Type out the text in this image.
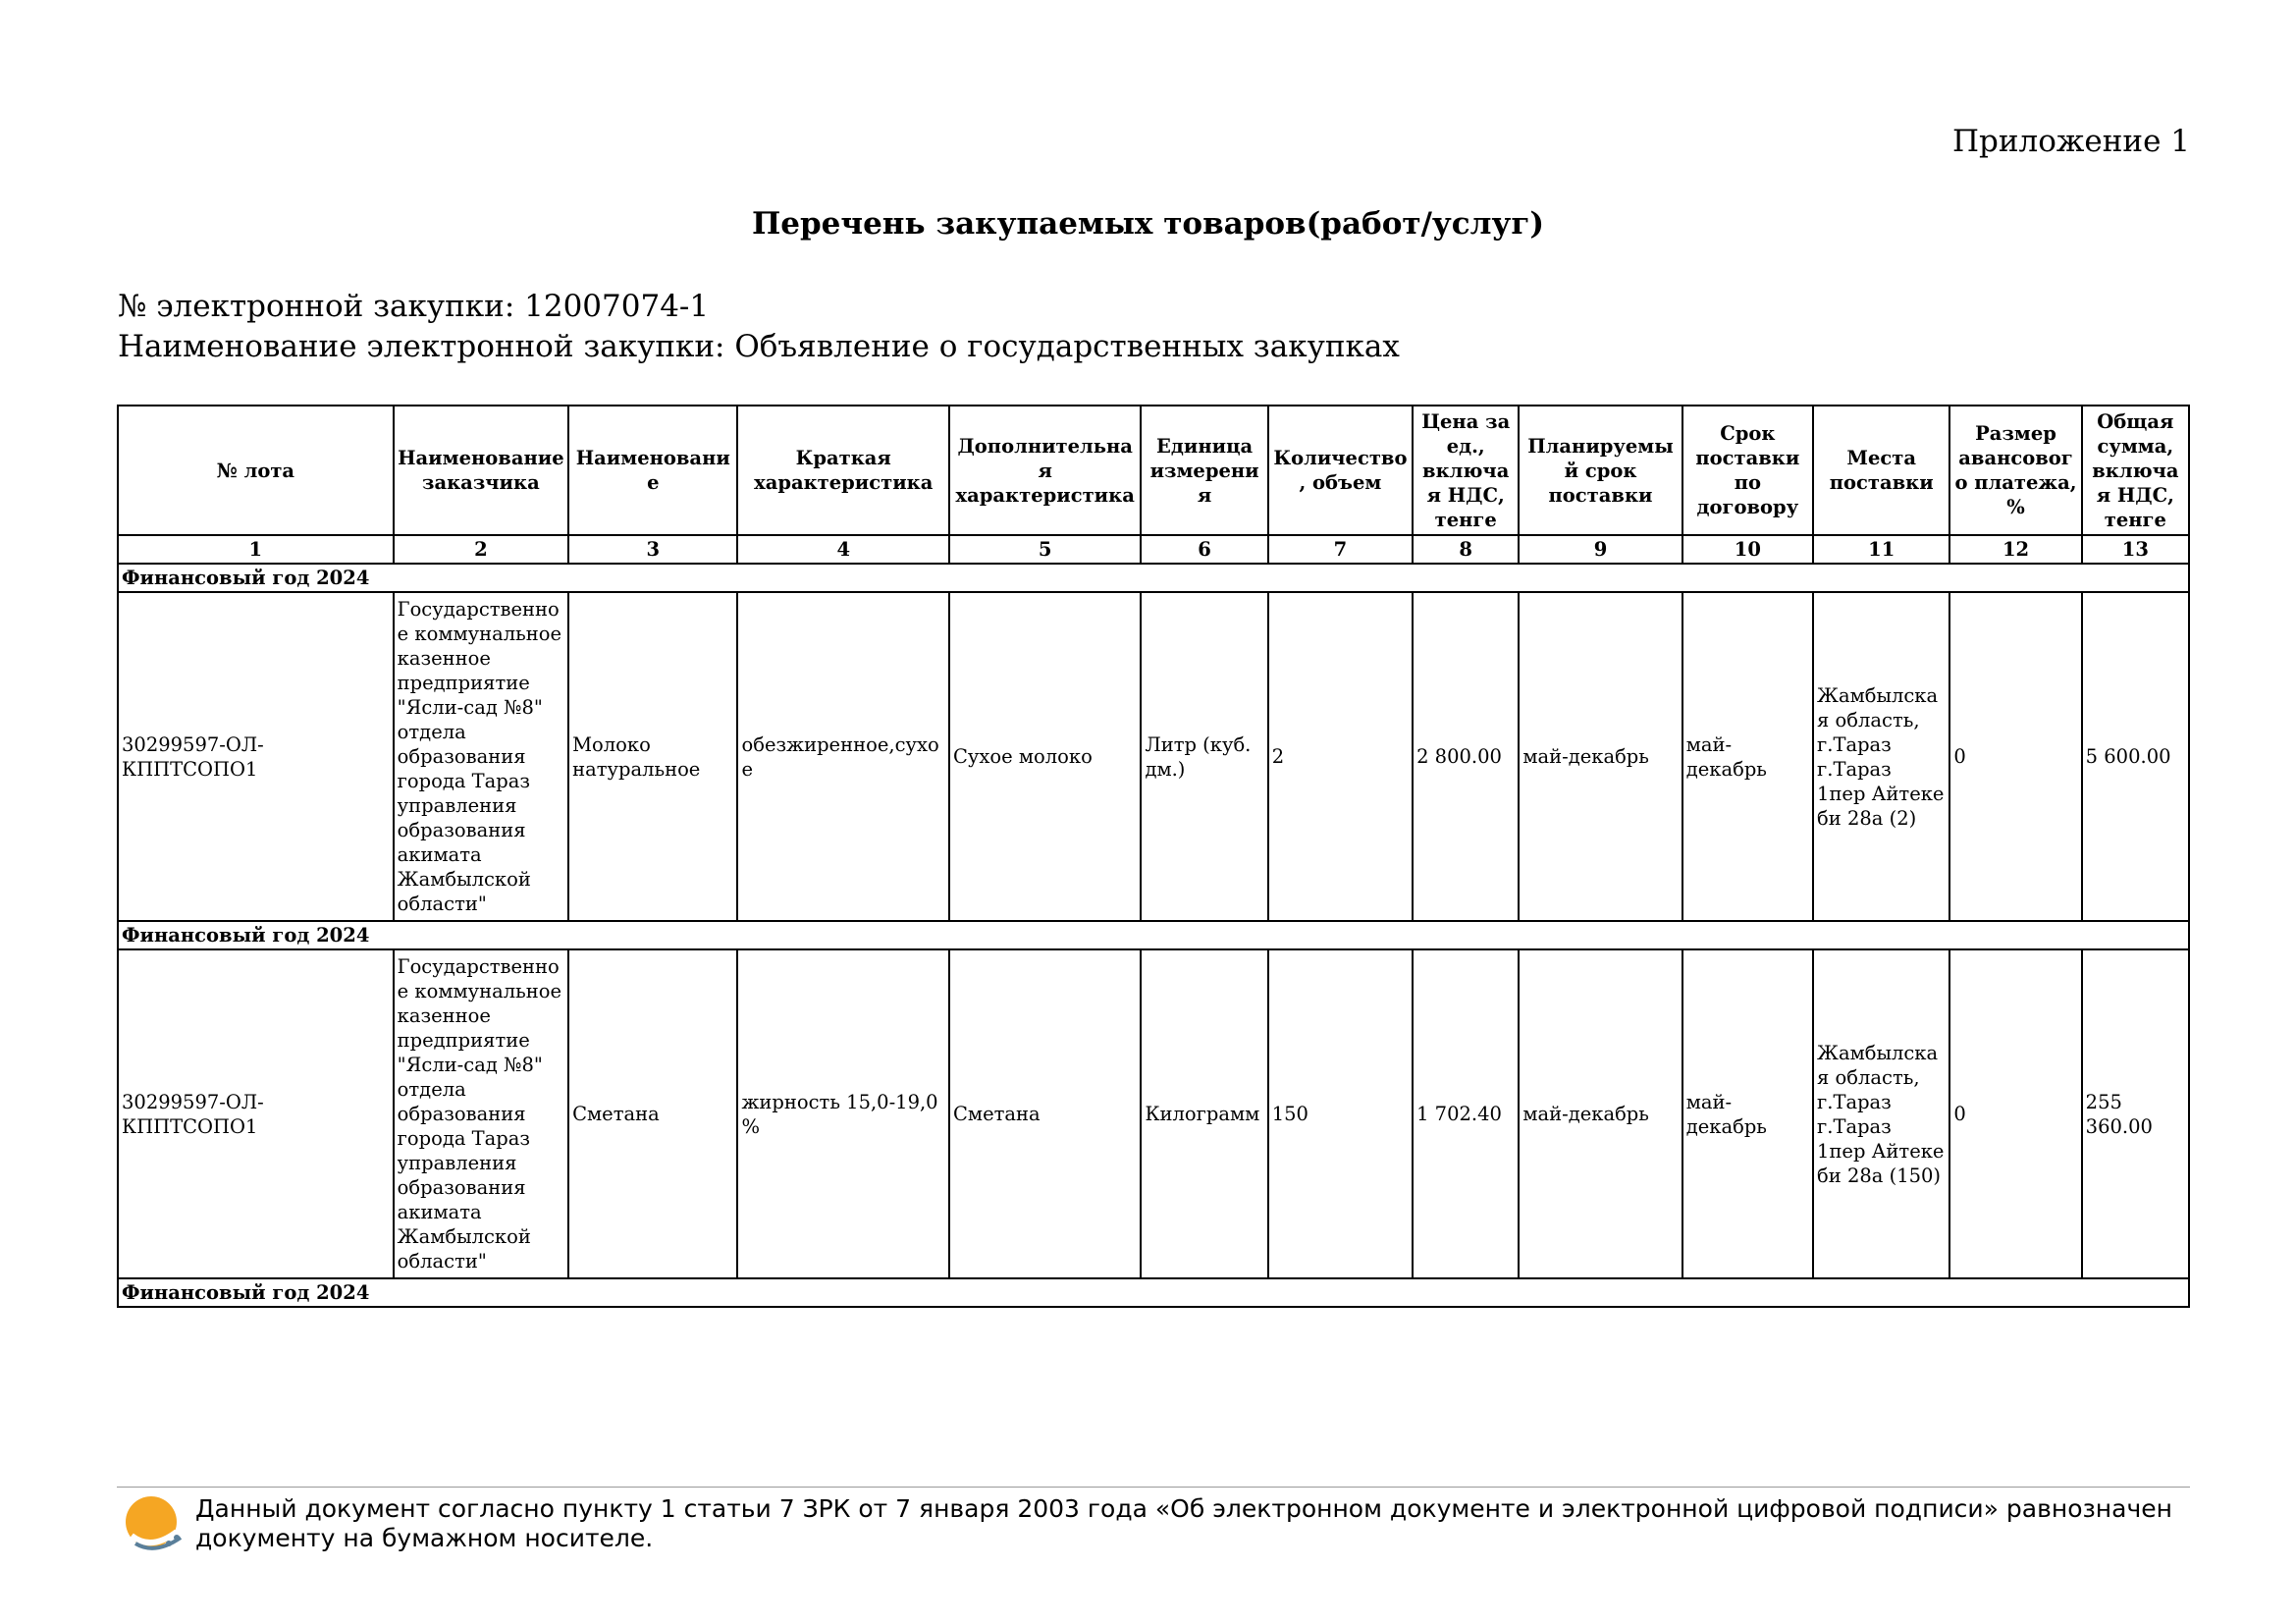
Приложение 1
Перечень закупаемых товаров(работ/услуг)
№ электронной закупки: 12007074-1
Наименование электронной закупки: Объявление о государственных закупках
№ лота	Наименование заказчика	Наименование	Краткая характеристика	Дополнительная характеристика	Единица измерения	Количество, объем	Цена за ед., включая НДС, тенге	Планируемый срок поставки	Срок поставки по договору	Места поставки	Размер авансового платежа, %	Общая сумма, включая НДС, тенге
1	2	3	4	5	6	7	8	9	10	11	12	13
Финансовый год 2024												
30299597-ОЛ-КППТСОПО1	Государственное коммунальное казенное предприятие "Ясли-сад №8" отдела образования города Тараз управления образования акимата Жамбылской области"	Молоко натуральное	обезжиренное,сухое	Сухое молоко	Литр (куб. дм.)	2	2 800.00	май-декабрь	май-декабрь	Жамбылская область, г.Тараз г.Тараз 1пер Айтеке би 28а (2)	0	5 600.00
Финансовый год 2024												
30299597-ОЛ-КППТСОПО1	Государственное коммунальное казенное предприятие "Ясли-сад №8" отдела образования города Тараз управления образования акимата Жамбылской области"	Сметана	жирность 15,0-19,0 %	Сметана	Килограмм	150	1 702.40	май-декабрь	май-декабрь	Жамбылская область, г.Тараз г.Тараз 1пер Айтеке би 28а (150)	0	255 360.00
Финансовый год 2024												
Данный документ согласно пункту 1 статьи 7 ЗРК от 7 января 2003 года «Об электронном документе и электронной цифровой подписи» равнозначен документу на бумажном носителе.
